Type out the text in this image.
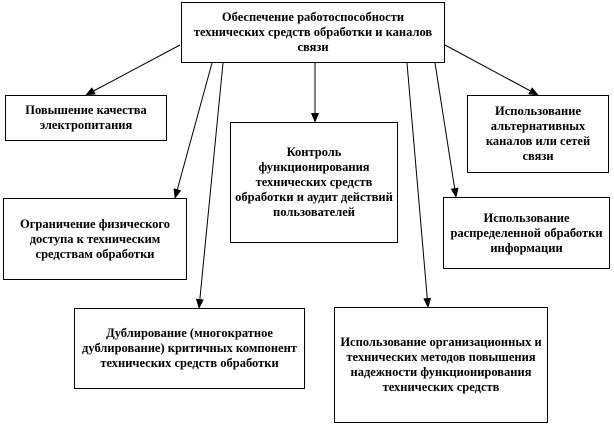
Обеспечение работоспособности технических средств обработки и каналов связи
Повышение качества электропитания
Использование альтернативных каналов или сетей связи
Контроль функционирования технических средств обработки и аудит действий пользователей
Ограничение физического доступа к техническим средствам обработки
Использование распределенной обработки информации
Дублирование (многократное дублирование) критичных компонент технических средств обработки
Использование организационных и технических методов повышения надежности функционирования технических средств
